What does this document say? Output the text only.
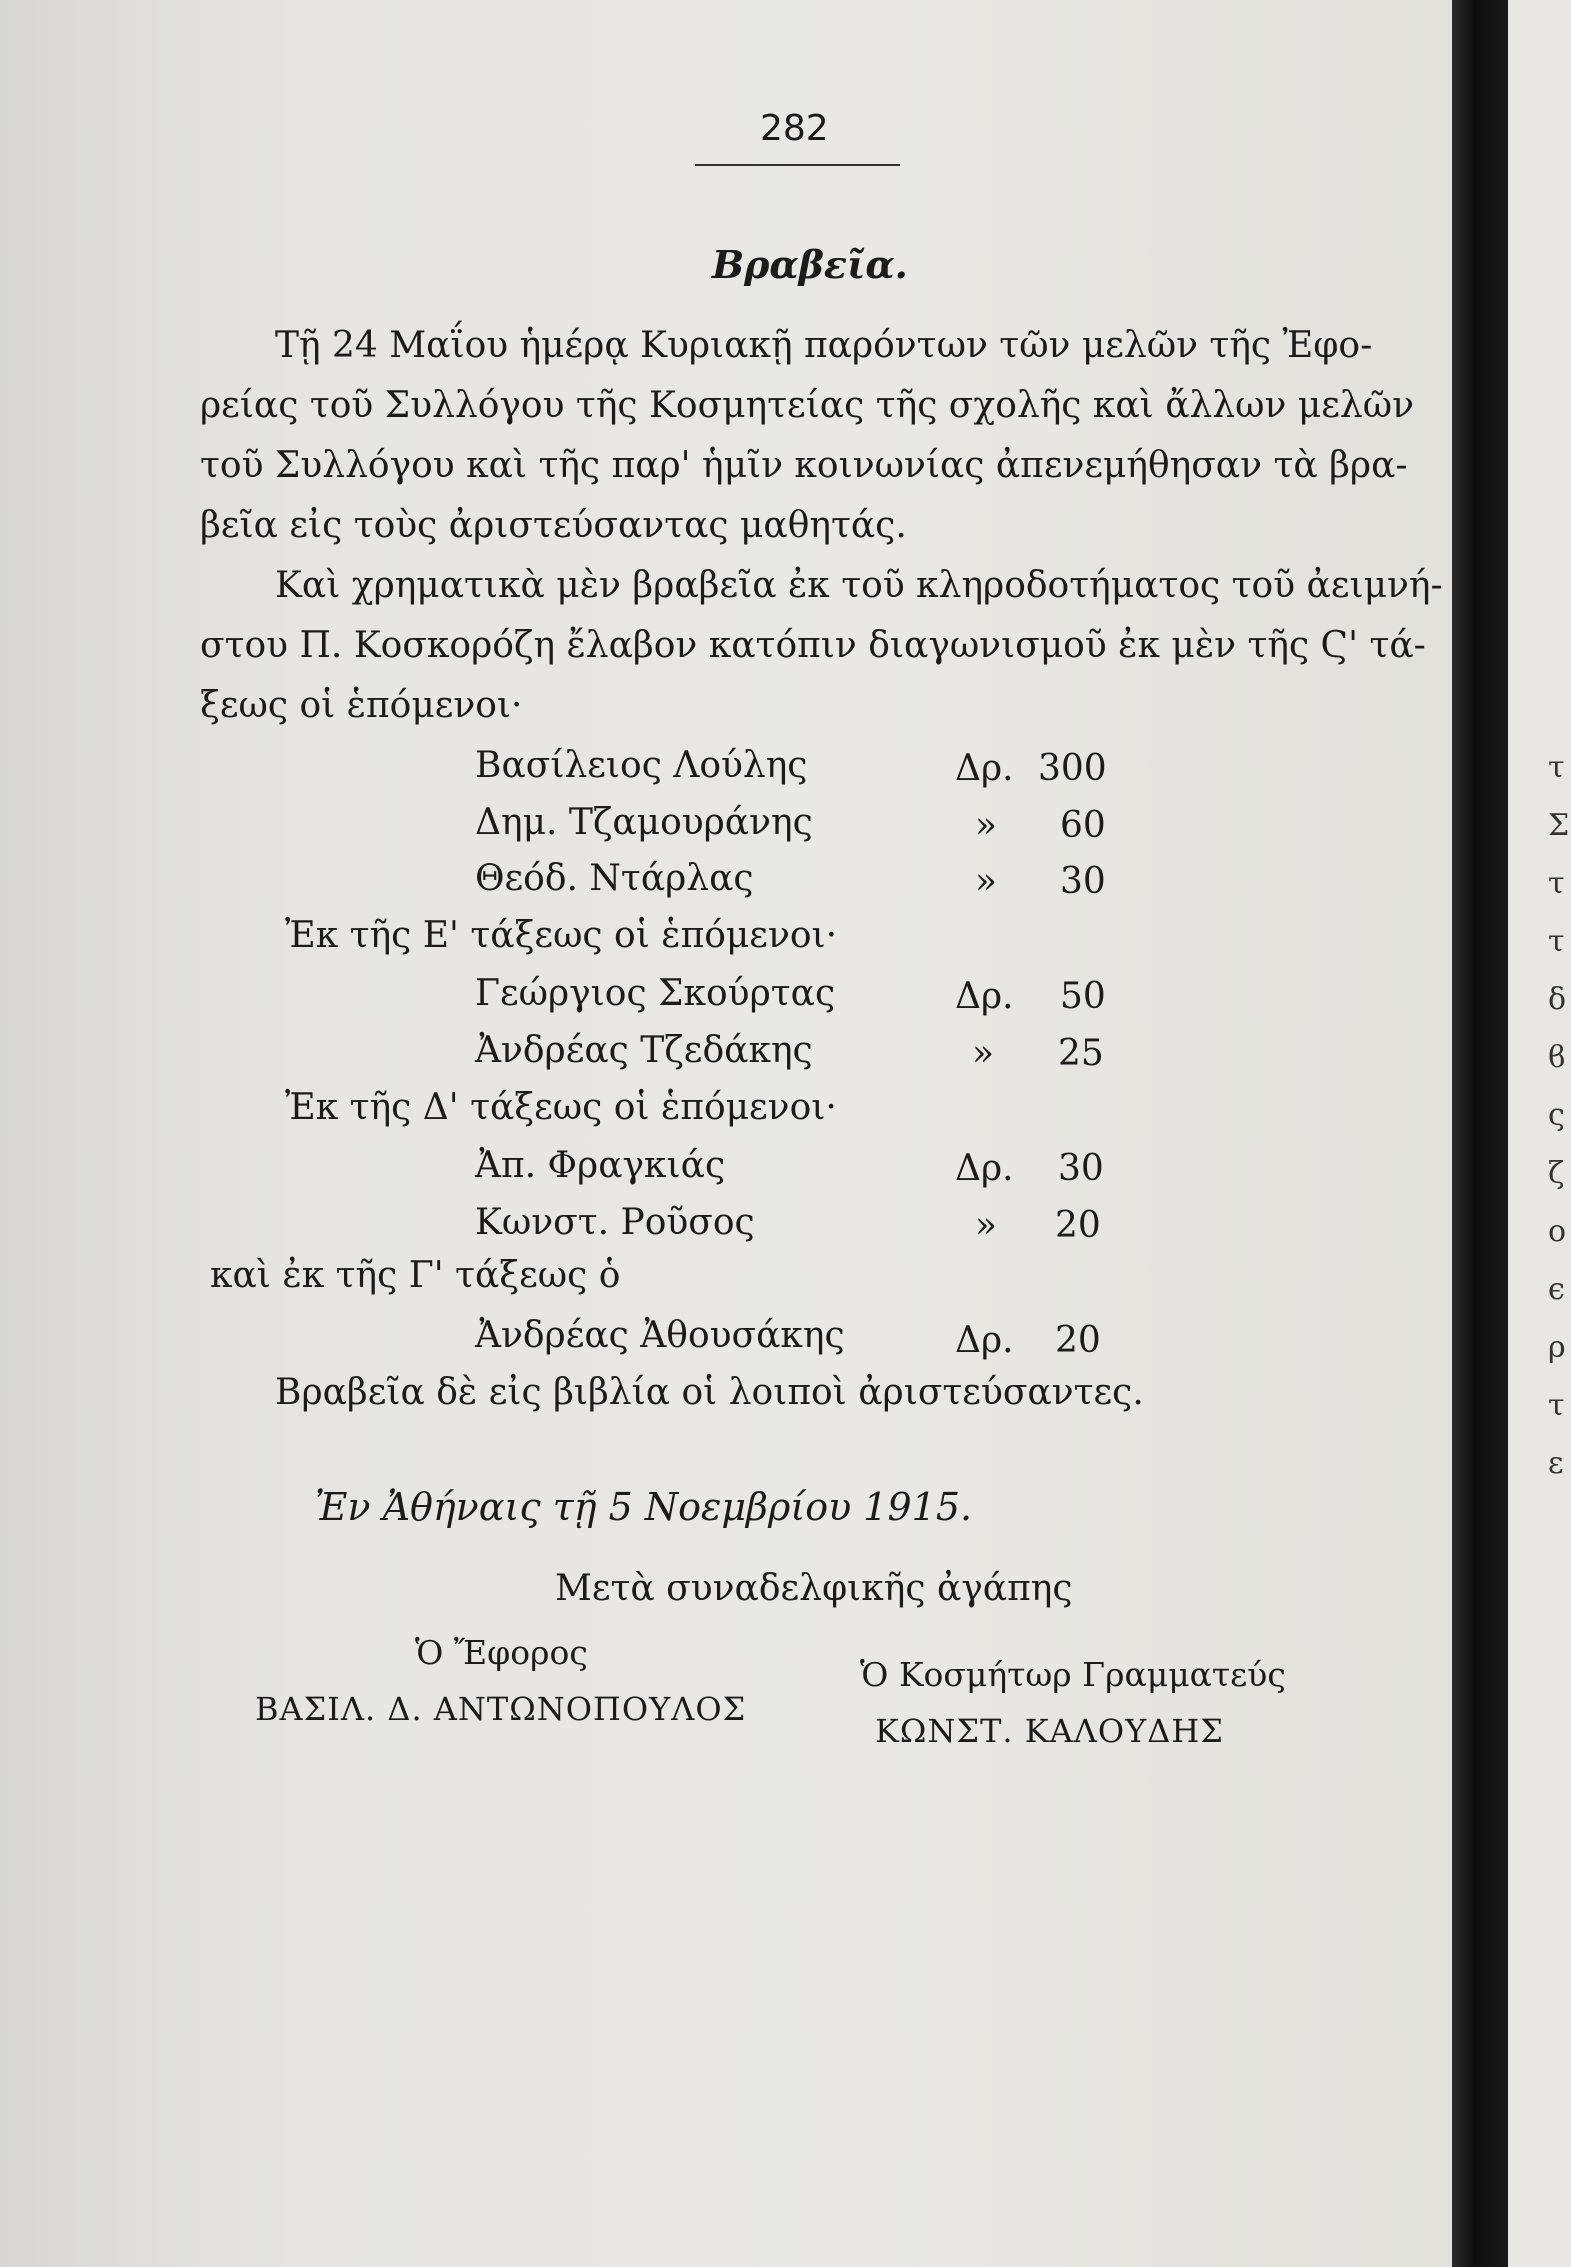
τ
Σ
τ
τ
δ
ϐ
ς
ζ
ο
ϵ
ρ
τ
ε
282
Βραβεῖα.
Τῇ 24 Μαΐου ἡμέρᾳ Κυριακῇ παρόντων τῶν μελῶν τῆς Ἐφο-
ρείας τοῦ Συλλόγου τῆς Κοσμητείας τῆς σχολῆς καὶ ἄλλων μελῶν
τοῦ Συλλόγου καὶ τῆς παρ' ἡμῖν κοινωνίας ἀπενεμήθησαν τὰ βρα-
βεῖα εἰς τοὺς ἀριστεύσαντας μαθητάς.
Καὶ χρηματικὰ μὲν βραβεῖα ἐκ τοῦ κληροδοτήματος τοῦ ἀειμνή-
στου Π. Κοσκορόζη ἔλαβον κατόπιν διαγωνισμοῦ ἐκ μὲν τῆς Ϛ' τά-
ξεως οἱ ἑπόμενοι·
Βασίλειος Λούλης	Δρ. 300
Δημ. Τζαμουράνης	» 60
Θεόδ. Ντάρλας	» 30
Ἐκ τῆς Ε' τάξεως οἱ ἑπόμενοι·
Γεώργιος Σκούρτας	Δρ. 50
Ἀνδρέας Τζεδάκης	» 25
Ἐκ τῆς Δ' τάξεως οἱ ἑπόμενοι·
Ἀπ. Φραγκιάς	Δρ. 30
Κωνστ. Ροῦσος	» 20
καὶ ἐκ τῆς Γ' τάξεως ὁ
Ἀνδρέας Ἀθουσάκης	Δρ. 20
Βραβεῖα δὲ εἰς βιβλία οἱ λοιποὶ ἀριστεύσαντες.
Ἐν Ἀθήναις τῇ 5 Νοεμβρίου 1915.
Μετὰ συναδελφικῆς ἀγάπης
Ὁ Ἔφορος
Ὁ Κοσμήτωρ Γραμματεύς
ΒΑΣΙΛ. Δ. ΑΝΤΩΝΟΠΟΥΛΟΣ
ΚΩΝΣΤ. ΚΑΛΟΥΔΗΣ
